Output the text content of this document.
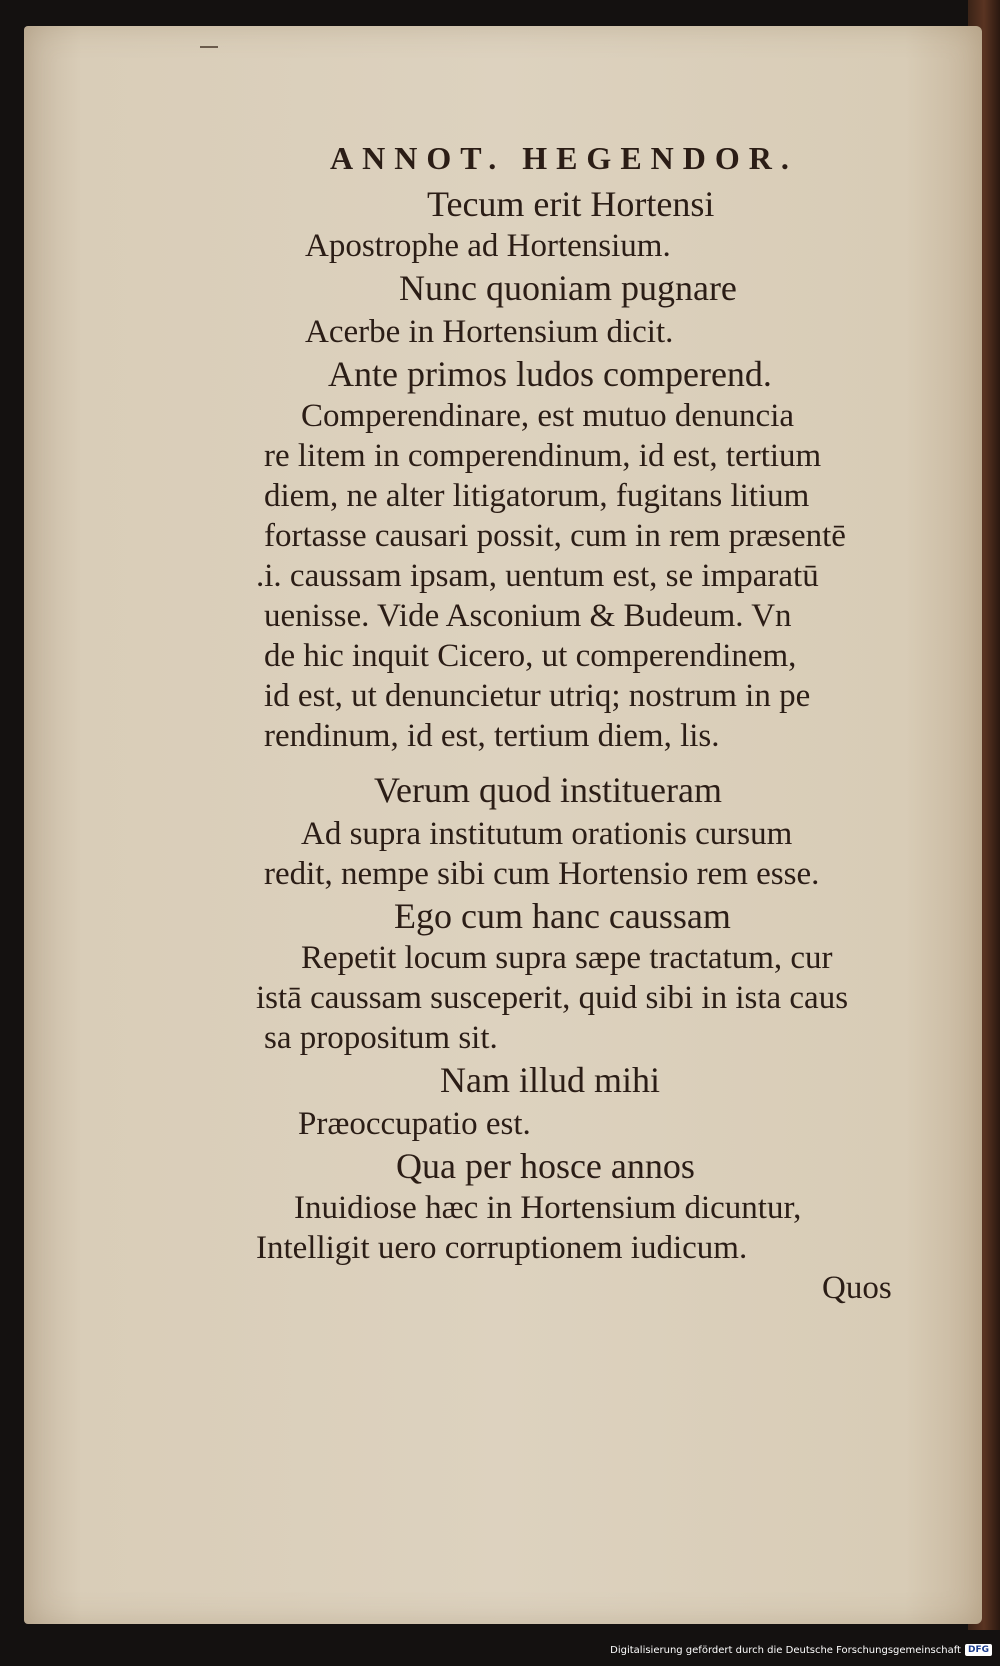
ANNOT. HEGENDOR.
Tecum erit Hortensi
Apostrophe ad Hortensium.
Nunc quoniam pugnare
Acerbe in Hortensium dicit.
Ante primos ludos comperend.
Comperendinare, est mutuo denuncia
re litem in comperendinum, id est, tertium
diem, ne alter litigatorum, fugitans litium
fortasse causari possit, cum in rem præsentē
.i. caussam ipsam, uentum est, se imparatū
uenisse. Vide Asconium & Budeum. Vn
de hic inquit Cicero, ut comperendinem,
id est, ut denuncietur utriq; nostrum in pe
rendinum, id est, tertium diem, lis.
Verum quod institueram
Ad supra institutum orationis cursum
redit, nempe sibi cum Hortensio rem esse.
Ego cum hanc caussam
Repetit locum supra sæpe tractatum, cur
istā caussam susceperit, quid sibi in ista caus
sa propositum sit.
Nam illud mihi
Præoccupatio est.
Qua per hosce annos
Inuidiose hæc in Hortensium dicuntur,
Intelligit uero corruptionem iudicum.
Quos
Digitalisierung gefördert durch die Deutsche Forschungsgemeinschaft DFG
